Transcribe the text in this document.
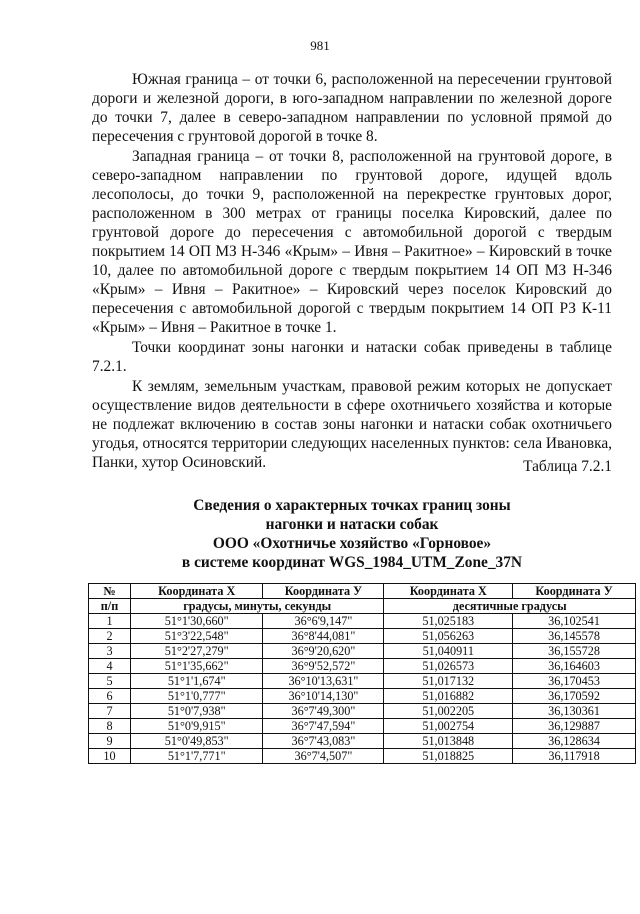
981

Южная граница – от точки 6, расположенной на пересечении грунтовой дороги и железной дороги, в юго-западном направлении по железной дороге до точки 7, далее в северо-западном направлении по условной прямой до пересечения с грунтовой дорогой в точке 8.

Западная граница – от точки 8, расположенной на грунтовой дороге, в северо-западном направлении по грунтовой дороге, идущей вдоль лесополосы, до точки 9, расположенной на перекрестке грунтовых дорог, расположенном в 300 метрах от границы поселка Кировский, далее по грунтовой дороге до пересечения с автомобильной дорогой с твердым покрытием 14 ОП МЗ Н-346 «Крым» – Ивня – Ракитное» – Кировский в точке 10, далее по автомобильной дороге с твердым покрытием 14 ОП МЗ Н-346 «Крым» – Ивня – Ракитное» – Кировский через поселок Кировский до пересечения с автомобильной дорогой с твердым покрытием 14 ОП РЗ К-11 «Крым» – Ивня – Ракитное в точке 1.

Точки координат зоны нагонки и натаски собак приведены в таблице 7.2.1.

К землям, земельным участкам, правовой режим которых не допускает осуществление видов деятельности в сфере охотничьего хозяйства и которые не подлежат включению в состав зоны нагонки и натаски собак охотничьего угодья, относятся территории следующих населенных пунктов: села Ивановка, Панки, хутор Осиновский.	Таблица 7.2.1
Сведения о характерных точках границ зоны
нагонки и натаски собак
ООО «Охотничье хозяйство «Горновое»
в системе координат WGS_1984_UTM_Zone_37N
№	Координата X	Координата У	Координата X	Координата У
п/п	градусы, минуты, секунды		десятичные градусы	
1	51°1'30,660"	36°6'9,147"	51,025183	36,102541
2	51°3'22,548"	36°8'44,081"	51,056263	36,145578
3	51°2'27,279"	36°9'20,620"	51,040911	36,155728
4	51°1'35,662"	36°9'52,572"	51,026573	36,164603
5	51°1'1,674"	36°10'13,631"	51,017132	36,170453
6	51°1'0,777"	36°10'14,130"	51,016882	36,170592
7	51°0'7,938"	36°7'49,300"	51,002205	36,130361
8	51°0'9,915"	36°7'47,594"	51,002754	36,129887
9	51°0'49,853"	36°7'43,083"	51,013848	36,128634
10	51°1'7,771"	36°7'4,507"	51,018825	36,117918
